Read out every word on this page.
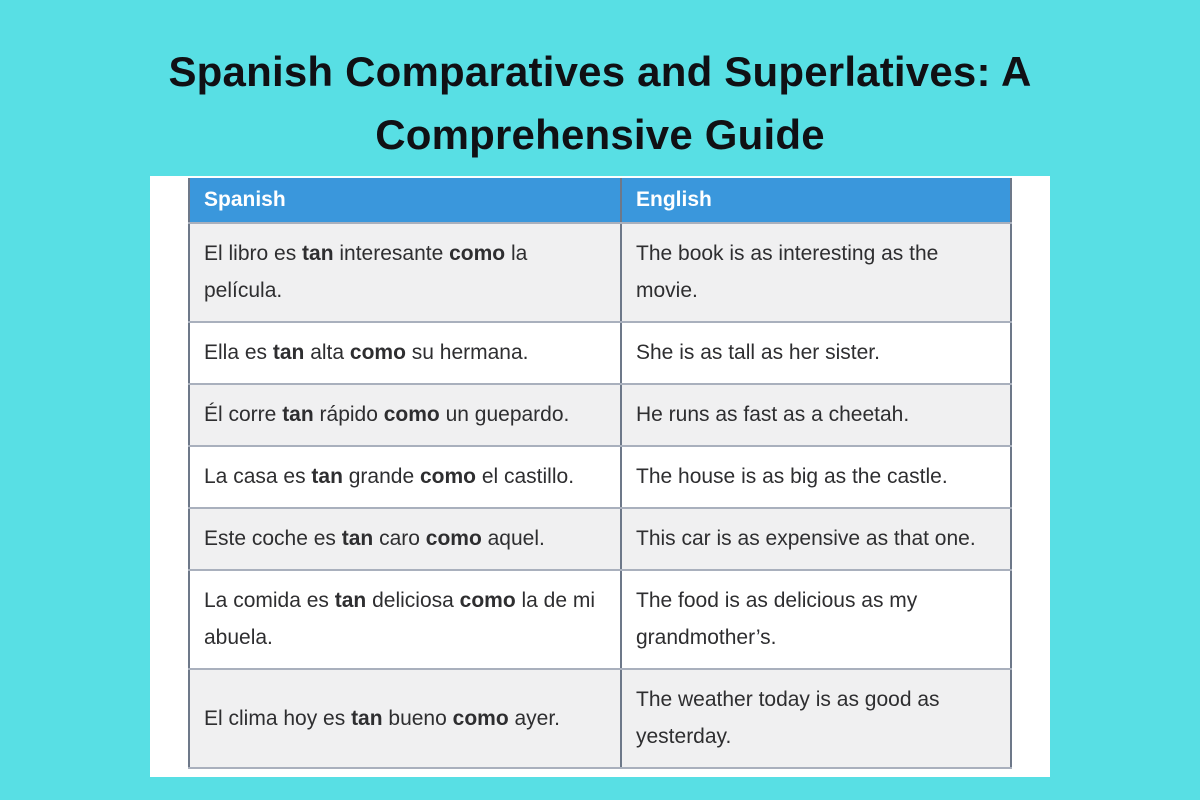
Spanish Comparatives and Superlatives: A
Comprehensive Guide
Spanish	English
El libro es tan interesante como la película.	The book is as interesting as the movie.
Ella es tan alta como su hermana.	She is as tall as her sister.
Él corre tan rápido como un guepardo.	He runs as fast as a cheetah.
La casa es tan grande como el castillo.	The house is as big as the castle.
Este coche es tan caro como aquel.	This car is as expensive as that one.
La comida es tan deliciosa como la de mi abuela.	The food is as delicious as my grandmother’s.
El clima hoy es tan bueno como ayer.	The weather today is as good as yesterday.
